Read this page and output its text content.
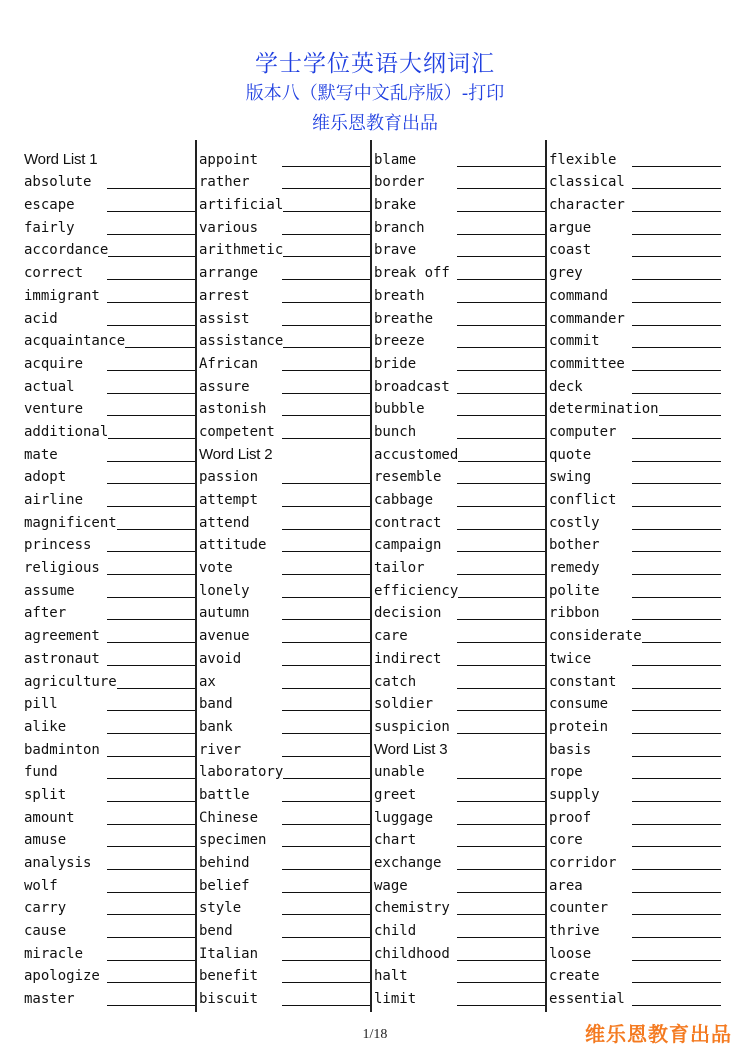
学士学位英语大纲词汇
版本八（默写中文乱序版）-打印
维乐恩教育出品
Word List 1
absolute
escape
fairly
accordance
correct
immigrant
acid
acquaintance
acquire
actual
venture
additional
mate
adopt
airline
magnificent
princess
religious
assume
after
agreement
astronaut
agriculture
pill
alike
badminton
fund
split
amount
amuse
analysis
wolf
carry
cause
miracle
apologize
master
appoint
rather
artificial
various
arithmetic
arrange
arrest
assist
assistance
African
assure
astonish
competent
Word List 2
passion
attempt
attend
attitude
vote
lonely
autumn
avenue
avoid
ax
band
bank
river
laboratory
battle
Chinese
specimen
behind
belief
style
bend
Italian
benefit
biscuit
blame
border
brake
branch
brave
break off
breath
breathe
breeze
bride
broadcast
bubble
bunch
accustomed
resemble
cabbage
contract
campaign
tailor
efficiency
decision
care
indirect
catch
soldier
suspicion
Word List 3
unable
greet
luggage
chart
exchange
wage
chemistry
child
childhood
halt
limit
flexible
classical
character
argue
coast
grey
command
commander
commit
committee
deck
determination
computer
quote
swing
conflict
costly
bother
remedy
polite
ribbon
considerate
twice
constant
consume
protein
basis
rope
supply
proof
core
corridor
area
counter
thrive
loose
create
essential
1/18	维乐恩教育出品
